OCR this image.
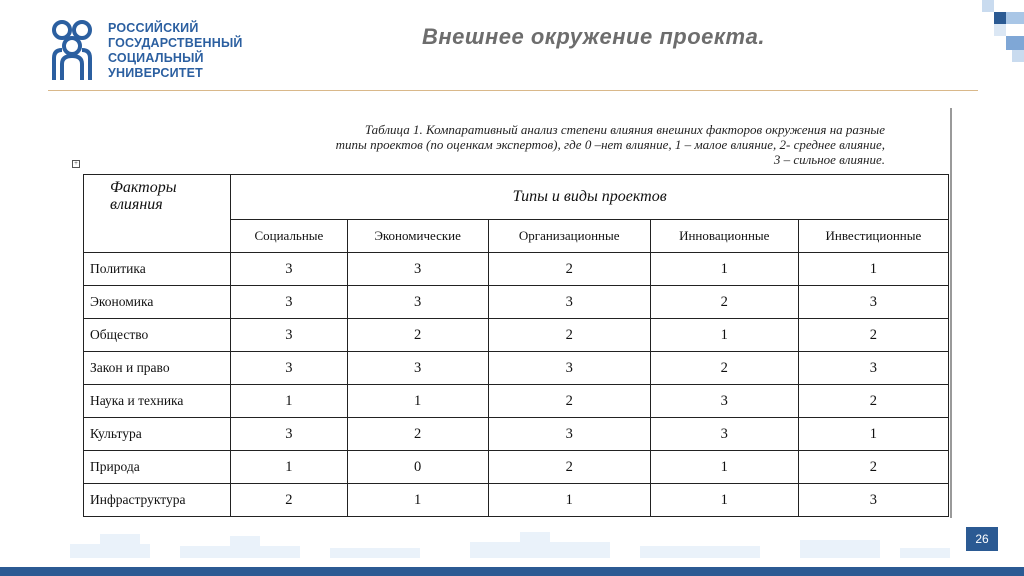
РОССИЙСКИЙ
ГОСУДАРСТВЕННЫЙ
СОЦИАЛЬНЫЙ
УНИВЕРСИТЕТ
Внешнее окружение проекта.
Таблица 1. Компаративный анализ степени влияния внешних факторов окружения на разные
типы проектов (по оценкам экспертов), где 0 –нет влияние, 1 – малое влияние, 2- среднее влияние,
3 – сильное влияние.
+
Факторы
влияния	Типы и виды проектов				
	Социальные	Экономические	Организационные	Инновационные	Инвестиционные
Политика	3	3	2	1	1
Экономика	3	3	3	2	3
Общество	3	2	2	1	2
Закон и право	3	3	3	2	3
Наука и техника	1	1	2	3	2
Культура	3	2	3	3	1
Природа	1	0	2	1	2
Инфраструктура	2	1	1	1	3
26
